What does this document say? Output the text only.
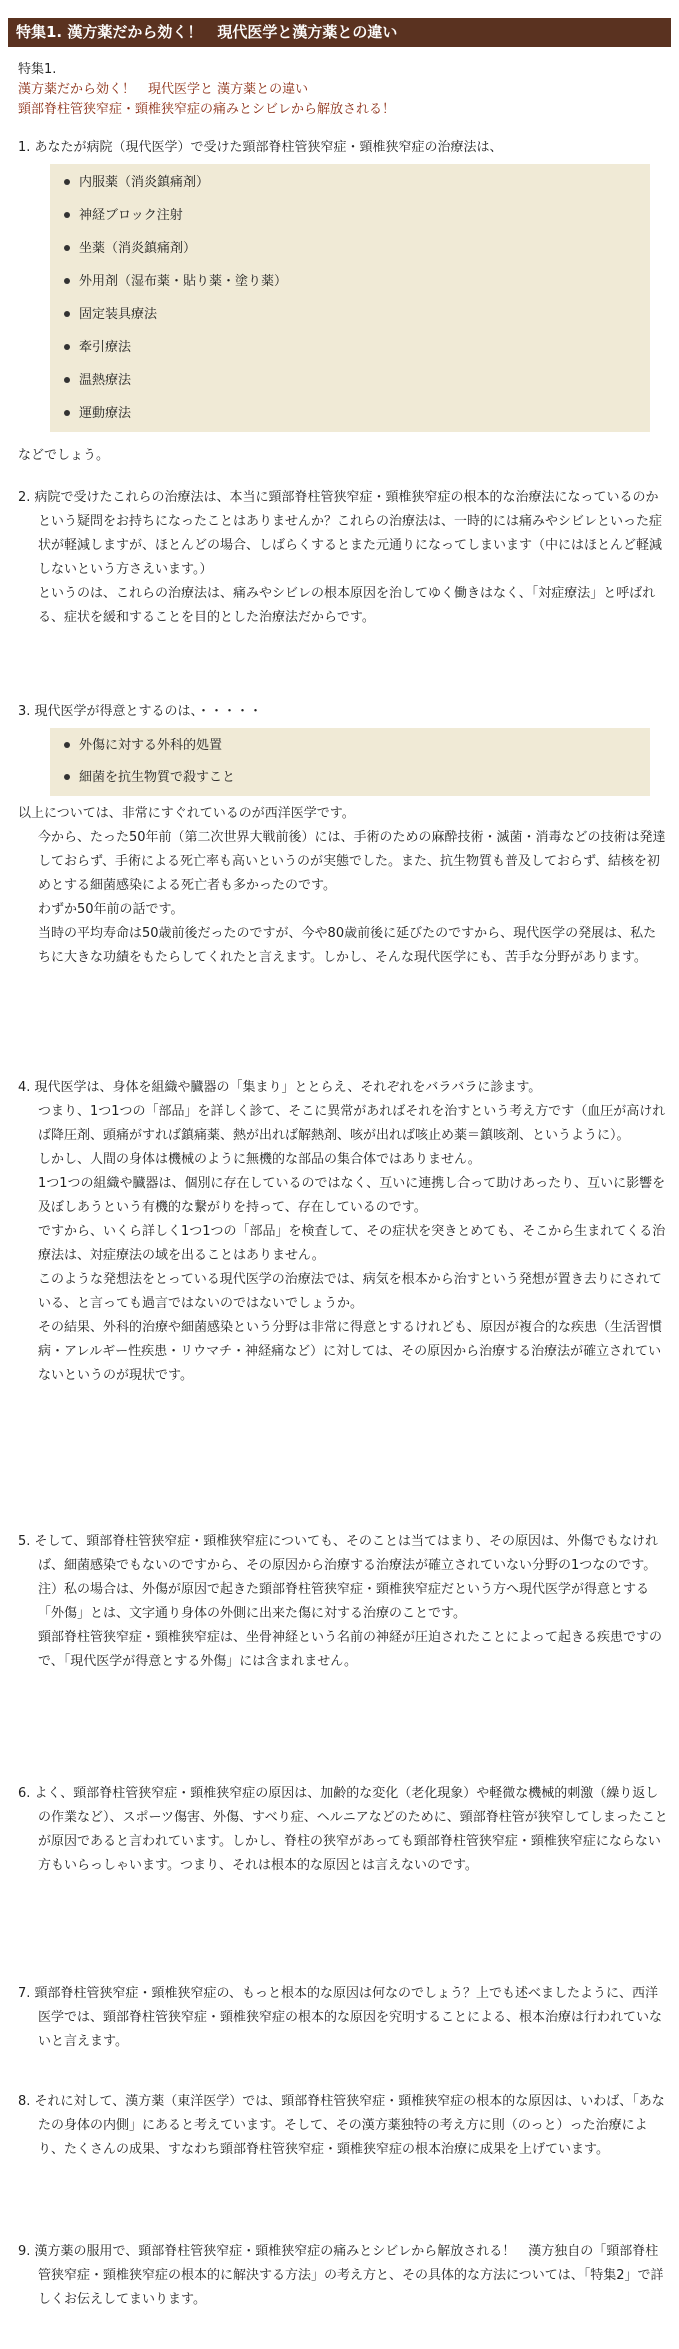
特集1. 漢方薬だから効く！　現代医学と漢方薬との違い
特集1.
漢方薬だから効く！　現代医学と 漢方薬との違い
頸部脊柱管狭窄症・頸椎狭窄症の痛みとシビレから解放される！

1. あなたが病院（現代医学）で受けた頸部脊柱管狭窄症・頸椎狭窄症の治療法は、

内服薬（消炎鎮痛剤）
神経ブロック注射
坐薬（消炎鎮痛剤）
外用剤（湿布薬・貼り薬・塗り薬）
固定装具療法
牽引療法
温熱療法
運動療法

などでしょう。

2. 病院で受けたこれらの治療法は、本当に頸部脊柱管狭窄症・頸椎狭窄症の根本的な治療法になっているのかという疑問をお持ちになったことはありませんか？これらの治療法は、一時的には痛みやシビレといった症状が軽減しますが、ほとんどの場合、しばらくするとまた元通りになってしまいます（中にはほとんど軽減しないという方さえいます。）

というのは、これらの治療法は、痛みやシビレの根本原因を治してゆく働きはなく、「対症療法」と呼ばれる、症状を緩和することを目的とした治療法だからです。

3. 現代医学が得意とするのは、・・・・・

外傷に対する外科的処置
細菌を抗生物質で殺すこと

以上については、非常にすぐれているのが西洋医学です。

今から、たった50年前（第二次世界大戦前後）には、手術のための麻酔技術・滅菌・消毒などの技術は発達しておらず、手術による死亡率も高いというのが実態でした。また、抗生物質も普及しておらず、結核を初めとする細菌感染による死亡者も多かったのです。

わずか50年前の話です。

当時の平均寿命は50歳前後だったのですが、今や80歳前後に延びたのですから、現代医学の発展は、私たちに大きな功績をもたらしてくれたと言えます。しかし、そんな現代医学にも、苦手な分野があります。

4. 現代医学は、身体を組織や臓器の「集まり」ととらえ、それぞれをバラバラに診ます。

つまり、1つ1つの「部品」を詳しく診て、そこに異常があればそれを治すという考え方です（血圧が高ければ降圧剤、頭痛がすれば鎮痛薬、熱が出れば解熱剤、咳が出れば咳止め薬＝鎮咳剤、というように）。

しかし、人間の身体は機械のように無機的な部品の集合体ではありません。

1つ1つの組織や臓器は、個別に存在しているのではなく、互いに連携し合って助けあったり、互いに影響を及ぼしあうという有機的な繋がりを持って、存在しているのです。

ですから、いくら詳しく1つ1つの「部品」を検査して、その症状を突きとめても、そこから生まれてくる治療法は、対症療法の域を出ることはありません。

このような発想法をとっている現代医学の治療法では、病気を根本から治すという発想が置き去りにされている、と言っても過言ではないのではないでしょうか。

その結果、外科的治療や細菌感染という分野は非常に得意とするけれども、原因が複合的な疾患（生活習慣病・アレルギー性疾患・リウマチ・神経痛など）に対しては、その原因から治療する治療法が確立されていないというのが現状です。

5. そして、頸部脊柱管狭窄症・頸椎狭窄症についても、そのことは当てはまり、その原因は、外傷でもなければ、細菌感染でもないのですから、その原因から治療する治療法が確立されていない分野の1つなのです。

注）私の場合は、外傷が原因で起きた頸部脊柱管狭窄症・頸椎狭窄症だという方へ現代医学が得意とする「外傷」とは、文字通り身体の外側に出来た傷に対する治療のことです。

頸部脊柱管狭窄症・頸椎狭窄症は、坐骨神経という名前の神経が圧迫されたことによって起きる疾患ですので、「現代医学が得意とする外傷」には含まれません。

6. よく、頸部脊柱管狭窄症・頸椎狭窄症の原因は、加齢的な変化（老化現象）や軽微な機械的刺激（繰り返しの作業など）、スポーツ傷害、外傷、すべり症、ヘルニアなどのために、頸部脊柱管が狭窄してしまったことが原因であると言われています。しかし、脊柱の狭窄があっても頸部脊柱管狭窄症・頸椎狭窄症にならない方もいらっしゃいます。つまり、それは根本的な原因とは言えないのです。

7. 頸部脊柱管狭窄症・頸椎狭窄症の、もっと根本的な原因は何なのでしょう？上でも述べましたように、西洋医学では、頸部脊柱管狭窄症・頸椎狭窄症の根本的な原因を究明することによる、根本治療は行われていないと言えます。

8. それに対して、漢方薬（東洋医学）では、頸部脊柱管狭窄症・頸椎狭窄症の根本的な原因は、いわば、「あなたの身体の内側」にあると考えています。そして、その漢方薬独特の考え方に則（のっと）った治療により、たくさんの成果、すなわち頸部脊柱管狭窄症・頸椎狭窄症の根本治療に成果を上げています。

9. 漢方薬の服用で、頸部脊柱管狭窄症・頸椎狭窄症の痛みとシビレから解放される！　漢方独自の「頸部脊柱管狭窄症・頸椎狭窄症の根本的に解決する方法」の考え方と、その具体的な方法については、「特集2」で詳しくお伝えしてまいります。
